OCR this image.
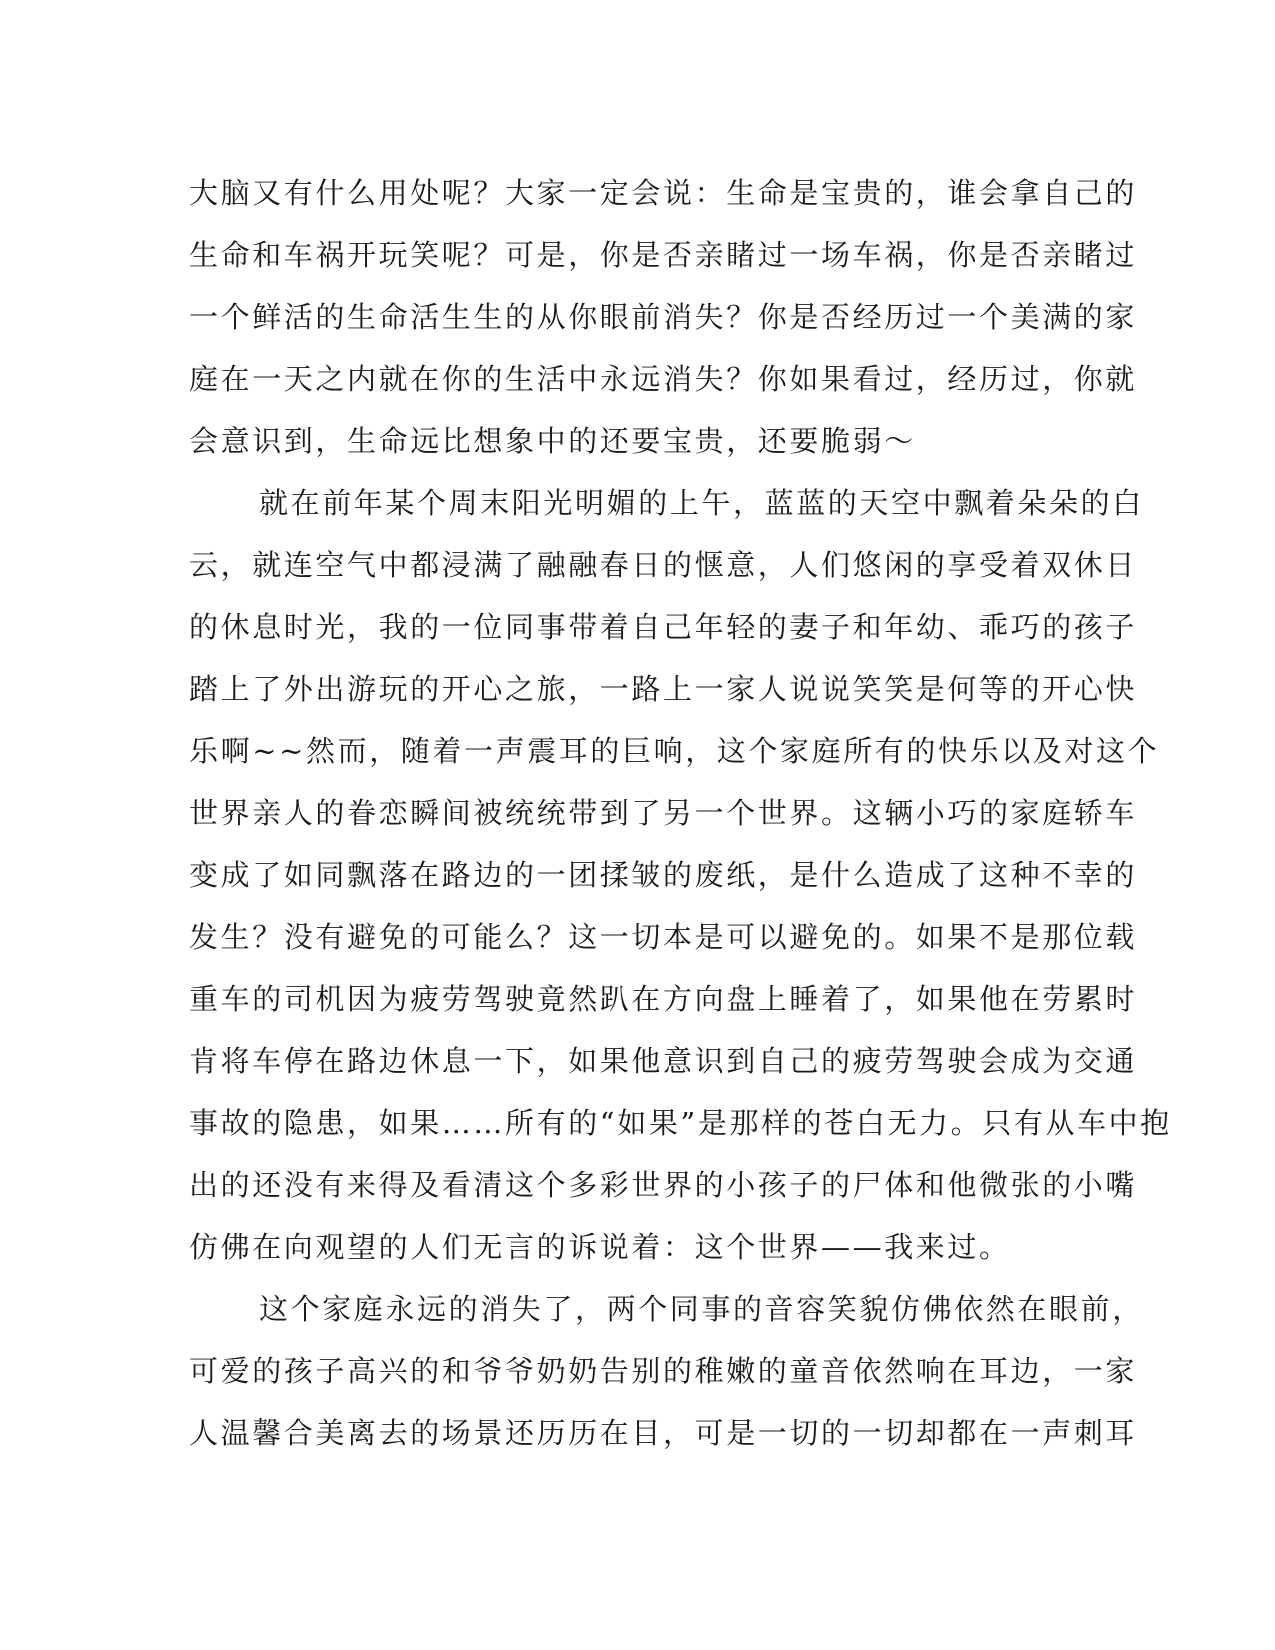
大脑又有什么用处呢？大家一定会说：生命是宝贵的，谁会拿自己的
生命和车祸开玩笑呢？可是，你是否亲睹过一场车祸，你是否亲睹过
一个鲜活的生命活生生的从你眼前消失？你是否经历过一个美满的家
庭在一天之内就在你的生活中永远消失？你如果看过，经历过，你就
会意识到，生命远比想象中的还要宝贵，还要脆弱～
就在前年某个周末阳光明媚的上午，蓝蓝的天空中飘着朵朵的白
云，就连空气中都浸满了融融春日的惬意，人们悠闲的享受着双休日
的休息时光，我的一位同事带着自己年轻的妻子和年幼、乖巧的孩子
踏上了外出游玩的开心之旅，一路上一家人说说笑笑是何等的开心快
乐啊~~然而，随着一声震耳的巨响，这个家庭所有的快乐以及对这个
世界亲人的眷恋瞬间被统统带到了另一个世界。这辆小巧的家庭轿车
变成了如同飘落在路边的一团揉皱的废纸，是什么造成了这种不幸的
发生？没有避免的可能么？这一切本是可以避免的。如果不是那位载
重车的司机因为疲劳驾驶竟然趴在方向盘上睡着了，如果他在劳累时
肯将车停在路边休息一下，如果他意识到自己的疲劳驾驶会成为交通
事故的隐患，如果……所有的“如果”是那样的苍白无力。只有从车中抱
出的还没有来得及看清这个多彩世界的小孩子的尸体和他微张的小嘴
仿佛在向观望的人们无言的诉说着：这个世界——我来过。
这个家庭永远的消失了，两个同事的音容笑貌仿佛依然在眼前，
可爱的孩子高兴的和爷爷奶奶告别的稚嫩的童音依然响在耳边，一家
人温馨合美离去的场景还历历在目，可是一切的一切却都在一声刺耳
